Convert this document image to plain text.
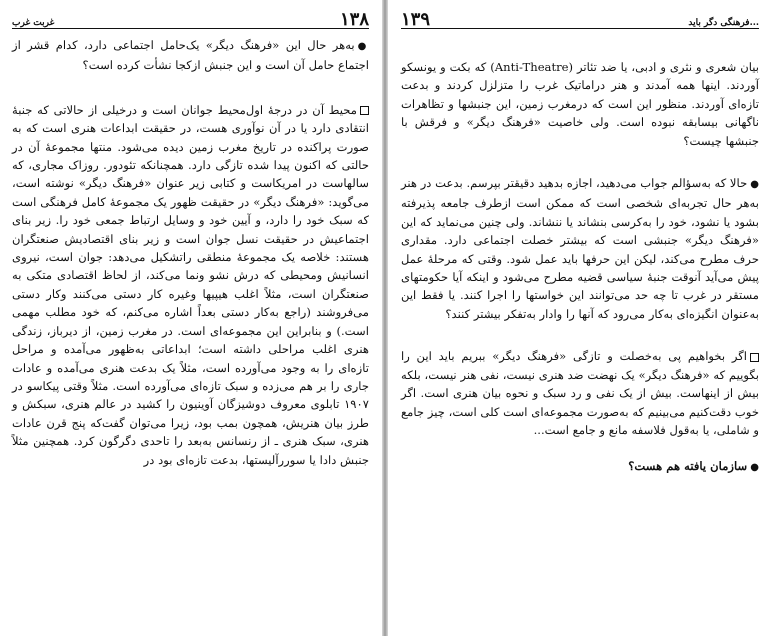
غربت غرب	۱۳۸

●به‌هر حال این «فرهنگ دیگر» یک‌حامل اجتماعی دارد، کدام قشر از اجتماع حامل آن است و این جنبش ازکجا نشأت کرده است؟

محیط آن در درجهٔ اول‌محیط جوانان است و درخیلی از حالاتی که جنبهٔ انتقادی دارد یا در آن نوآوری هست، در حقیقت ابداعات هنری است که به صورت پراکنده در تاریخ مغرب زمین دیده می‌شود. منتها مجموعهٔ آن در حالتی که اکنون پیدا شده تازگی دارد. همچنانکه تئودور. روزاک مجاری، که سالهاست در امریکاست و کتابی زیر عنوان «فرهنگ دیگر» نوشته است، می‌گوید: «فرهنگ دیگر» در حقیقت ظهور یک مجموعهٔ کامل فرهنگی است که سبک خود را دارد، و آیین خود و وسایل ارتباط جمعی خود را. زیر بنای اجتماعیش در حقیقت نسل جوان است و زیر بنای اقتصادیش صنعتگران هستند: خلاصه یک مجموعهٔ منطقی راتشکیل می‌دهد: جوان است، نیروی انسانیش ومحیطی که درش نشو ونما می‌کند، از لحاظ اقتصادی متکی به صنعتگران است، مثلاً اغلب هیپیها وغیره کار دستی می‌کنند وکار دستی می‌فروشند (راجع به‌کار دستی بعداً اشاره می‌کنم، که خود مطلب مهمی است.) و بنابراین این مجموعه‌ای است. در مغرب زمین، از دیرباز، زندگی هنری اغلب مراحلی داشته است؛ ابداعاتی به‌ظهور می‌آمده و مراحل تازه‌ای را به وجود می‌آورده است، مثلاً یک بدعت هنری می‌آمده و عادات جاری را بر هم می‌زده و سبک تازه‌ای می‌آورده است. مثلاً وقتی پیکاسو در ۱۹۰۷ تابلوی معروف دوشیزگان آوینیون را کشید در عالم هنری، سبکش و طرز بیان هنریش، همچون بمب بود، زیرا می‌توان گفت‌که پنج قرن عادات هنری، سبک هنری ـ از رنسانس به‌بعد را تاحدی دگرگون کرد. همچنین مثلاً جنبش دادا یا سوررآلیستها، بدعت تازه‌ای بود در

۱۳۹	فرهنگی دگر باید...

بیان شعری و نثری و ادبی، یا ضد تئاتر (Anti-Theatre) که بکت و یونسکو آوردند. اینها همه آمدند و هنر دراماتیک غرب را متزلزل کردند و بدعت تازه‌ای آوردند. منظور این است که درمغرب زمین، این جنبشها و تظاهرات ناگهانی بیسابقه نبوده است. ولی خاصیت «فرهنگ دیگر» و فرقش با جنبشها چیست؟

●حالا که به‌سؤالم جواب می‌دهید، اجازه بدهید دقیقتر بپرسم. بدعت در هنر به‌هر حال تجربه‌ای شخصی است که ممکن است ازطرف جامعه پذیرفته بشود یا نشود، خود را به‌کرسی بنشاند یا ننشاند. ولی چنین می‌نماید که این «فرهنگ دیگر» جنبشی است که بیشتر خصلت اجتماعی دارد. مقداری حرف مطرح می‌کند، لیکن این حرفها باید عمل شود. وقتی که مرحلهٔ عمل پیش می‌آید آنوقت جنبهٔ سیاسی قضیه مطرح می‌شود و اینکه آیا حکومتهای مستقر در غرب تا چه حد می‌توانند این خواستها را اجرا کنند. یا فقط این به‌عنوان انگیزه‌ای به‌کار می‌رود که آنها را وادار به‌تفکر بیشتر کنند؟

اگر بخواهیم پی به‌خصلت و تازگی «فرهنگ دیگر» ببریم باید این را بگوییم که «فرهنگ دیگر» یک نهضت ضد هنری نیست، نفی هنر نیست، بلکه بیش از اینهاست. بیش از یک نفی و رد سبک و نحوه بیان هنری است. اگر خوب دقت‌کنیم می‌بینیم که به‌صورت مجموعه‌ای است کلی است، چیز جامع و شاملی، یا به‌قول فلاسفه مانع و جامع است...

●سازمان یافته هم هست؟
